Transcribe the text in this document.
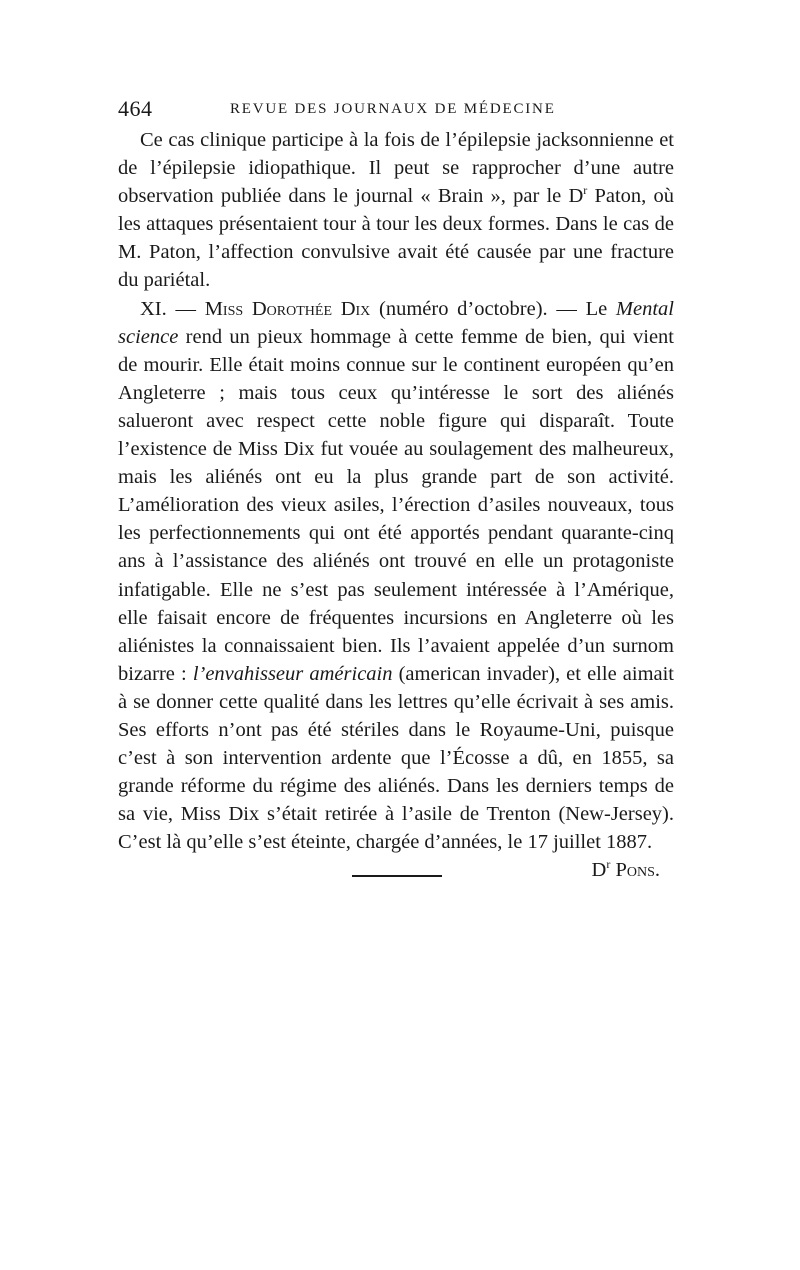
464	REVUE DES JOURNAUX DE MÉDECINE

Ce cas clinique participe à la fois de l’épilepsie jacksonnienne et de l’épilepsie idiopathique. Il peut se rapprocher d’une autre observation publiée dans le journal « Brain », par le $D^r$ Paton, où les attaques présentaient tour à tour les deux formes. Dans le cas de M. Paton, l’affection convulsive avait été causée par une fracture du pariétal.

XI. — Miss Dorothée Dix (numéro d’octobre). — Le Mental science rend un pieux hommage à cette femme de bien, qui vient de mourir. Elle était moins connue sur le continent européen qu’en Angleterre ; mais tous ceux qu’intéresse le sort des aliénés salueront avec respect cette noble figure qui disparaît. Toute l’existence de Miss Dix fut vouée au soulagement des malheureux, mais les aliénés ont eu la plus grande part de son activité. L’amélioration des vieux asiles, l’érection d’asiles nouveaux, tous les perfectionnements qui ont été apportés pendant quarante-cinq ans à l’assistance des aliénés ont trouvé en elle un protagoniste infatigable. Elle ne s’est pas seulement intéressée à l’Amérique, elle faisait encore de fréquentes incursions en Angleterre où les aliénistes la connaissaient bien. Ils l’avaient appelée d’un surnom bizarre : l’envahisseur américain (american invader), et elle aimait à se donner cette qualité dans les lettres qu’elle écrivait à ses amis. Ses efforts n’ont pas été stériles dans le Royaume-Uni, puisque c’est à son intervention ardente que l’Écosse a dû, en 1855, sa grande réforme du régime des aliénés. Dans les derniers temps de sa vie, Miss Dix s’était retirée à l’asile de Trenton (New-Jersey). C’est là qu’elle s’est éteinte, chargée d’années, le 17 juillet 1887.

$D^r$ Pons.
